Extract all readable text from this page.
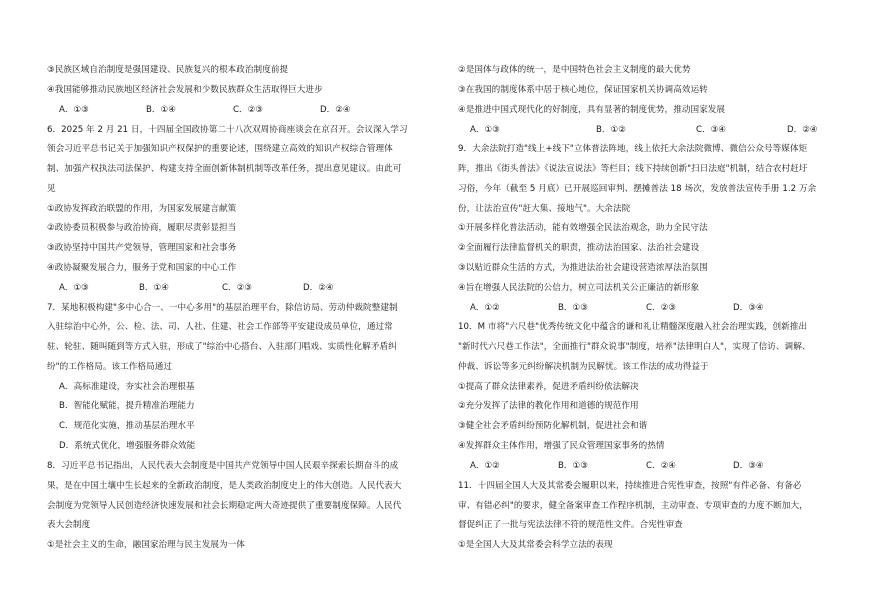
③民族区域自治制度是强国建设、民族复兴的根本政治制度前提
④我国能够推动民族地区经济社会发展和少数民族群众生活取得巨大进步
A．①③	B．①④	C．②③	D．②④
6．2025 年 2 月 21 日，十四届全国政协第二十八次双周协商座谈会在京召开。会议深入学习
领会习近平总书记关于加强知识产权保护的重要论述，围绕建立高效的知识产权综合管理体
制、加强产权执法司法保护、构建支持全面创新体制机制等改革任务，提出意见建议。由此可
见
①政协发挥政治联盟的作用，为国家发展建言献策
②政协委员积极参与政治协商，履职尽责彰显担当
③政协坚持中国共产党领导，管理国家和社会事务
④政协凝聚发展合力，服务于党和国家的中心工作
A．①③	B．①④	C．②③	D．②④
7．某地积极构建"多中心合一、一中心多用"的基层治理平台，除信访局、劳动仲裁院整建制
入驻综治中心外，公、检、法、司、人社、住建、社会工作部等平安建设成员单位，通过常
驻、轮驻、随叫随到等方式入驻，形成了"综治中心搭台、入驻部门唱戏、实质性化解矛盾纠
纷"的工作格局。该工作格局通过
A．高标准建设，夯实社会治理根基
B．智能化赋能，提升精准治理能力
C．规范化实施，推动基层治理水平
D．系统式优化，增强服务群众效能
8．习近平总书记指出，人民代表大会制度是中国共产党领导中国人民艰辛探索长期奋斗的成
果，是在中国土壤中生长起来的全新政治制度，是人类政治制度史上的伟大创造。人民代表大
会制度为党领导人民创造经济快速发展和社会长期稳定两大奇迹提供了重要制度保障。人民代
表大会制度
①是社会主义的生命，融国家治理与民主发展为一体
②是国体与政体的统一，是中国特色社会主义制度的最大优势
③在我国的制度体系中居于核心地位，保证国家机关协调高效运转
④是推进中国式现代化的好制度，具有显著的制度优势，推动国家发展
A．①③	B．①②	C．③④	D．②④
9．大余法院打造"线上+线下"立体普法阵地，线上依托大余法院微博、微信公众号等媒体矩
阵，推出《街头普法》《说法宣说法》等栏目；线下持续创新"扫日法庭"机制，结合农村赶圩
习俗，今年（截至 5 月底）已开展巡回审判、摆摊普法 18 场次，发放普法宣传手册 1.2 万余
份，让法治宣传"赶大集、接地气"。大余法院
①开展多样化普法活动，能有效增强全民法治观念，助力全民守法
②全面履行法律监督机关的职责，推动法治国家、法治社会建设
③以贴近群众生活的方式，为推进法治社会建设营造浓厚法治氛围
④旨在增强人民法院的公信力，树立司法机关公正廉洁的新形象
A．①②	B．①③	C．②③	D．③④
10．M 市将"六尺巷"优秀传统文化中蕴含的谦和礼让精髓深度融入社会治理实践，创新推出
"新时代六尺巷工作法"，全面推行"群众说事"制度，培养"法律明白人"，实现了信访、调解、
仲裁、诉讼等多元纠纷解决机制为民解忧。该工作法的成功得益于
①提高了群众法律素养，促进矛盾纠纷依法解决
②充分发挥了法律的教化作用和道德的规范作用
③健全社会矛盾纠纷预防化解机制，促进社会和谐
④发挥群众主体作用，增强了民众管理国家事务的热情
A．①②	B．①③	C．②④	D．③④
11．十四届全国人大及其常委会履职以来，持续推进合宪性审查，按照"有件必备、有备必
审、有错必纠"的要求，健全备案审查工作程序机制，主动审查、专项审查的力度不断加大，
督促纠正了一批与宪法法律不符的规范性文件。合宪性审查
①是全国人大及其常委会科学立法的表现
